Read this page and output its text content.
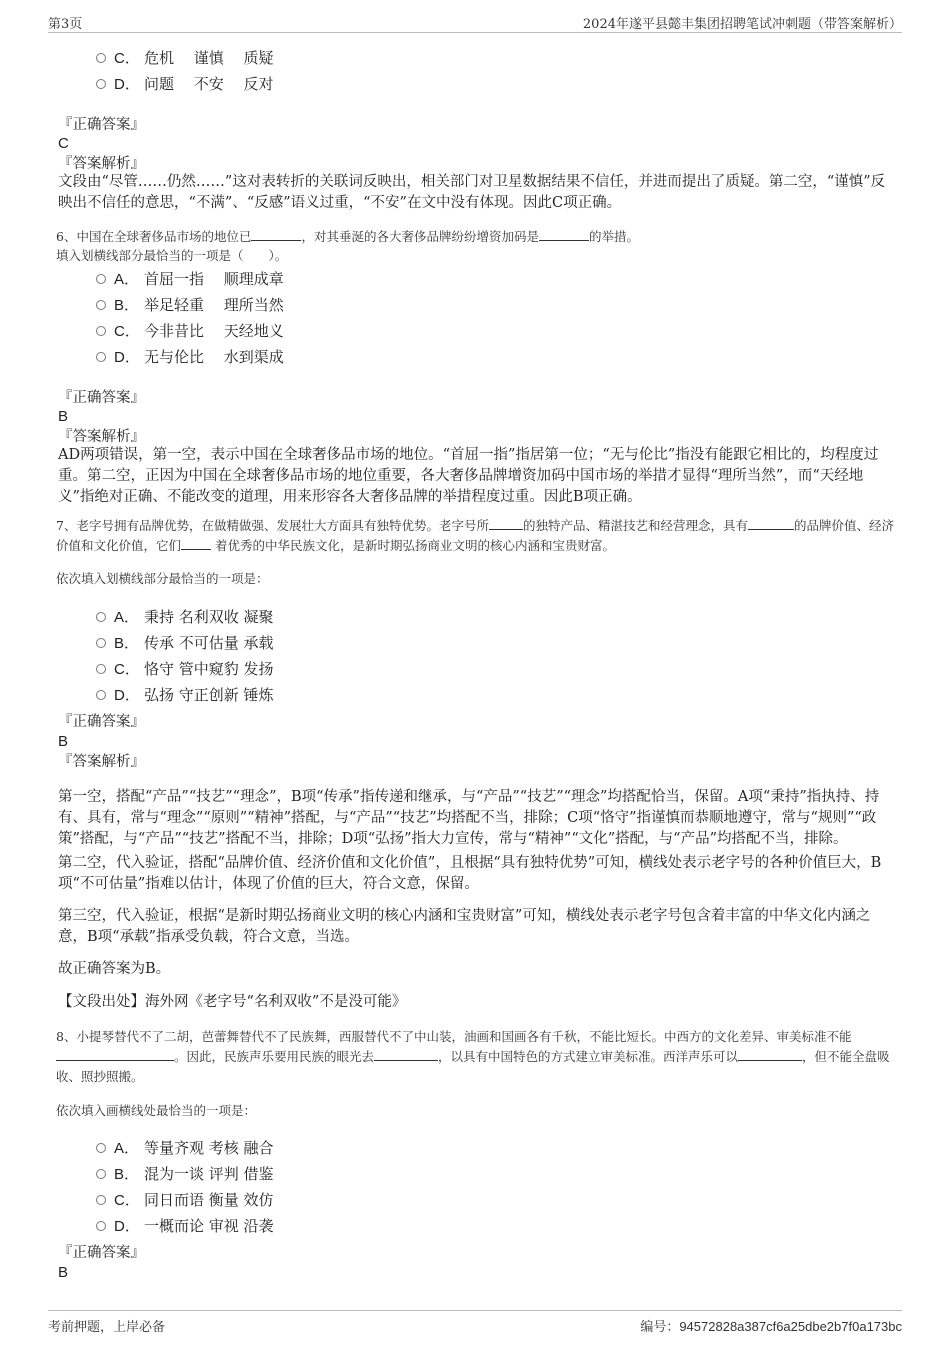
第3页	2024年遂平县懿丰集团招聘笔试冲刺题（带答案解析）
C． 危机　 谨慎　 质疑
D． 问题　 不安　 反对
『正确答案』
C
『答案解析』
文段由“尽管……仍然……”这对表转折的关联词反映出，相关部门对卫星数据结果不信任，并进而提出了质疑。第二空，“谨慎”反映出不信任的意思，“不满”、“反感”语义过重，“不安”在文中没有体现。因此C项正确。
6、中国在全球奢侈品市场的地位已	，对其垂涎的各大奢侈品牌纷纷增资加码是	的举措。
填入划横线部分最恰当的一项是（　　）。
A． 首屈一指　 顺理成章
B． 举足轻重　 理所当然
C． 今非昔比　 天经地义
D． 无与伦比　 水到渠成
『正确答案』
B
『答案解析』
AD两项错误，第一空，表示中国在全球奢侈品市场的地位。“首屈一指”指居第一位；“无与伦比”指没有能跟它相比的，均程度过重。第二空，正因为中国在全球奢侈品市场的地位重要，各大奢侈品牌增资加码中国市场的举措才显得“理所当然”，而“天经地义”指绝对正确、不能改变的道理，用来形容各大奢侈品牌的举措程度过重。因此B项正确。
7、老字号拥有品牌优势，在做精做强、发展壮大方面具有独特优势。老字号所	的独特产品、精湛技艺和经营理念，具有	的品牌价值、经济价值和文化价值，它们 着优秀的中华民族文化，是新时期弘扬商业文明的核心内涵和宝贵财富。
依次填入划横线部分最恰当的一项是：
A． 秉持 名利双收 凝聚
B． 传承 不可估量 承载
C． 恪守 管中窥豹 发扬
D． 弘扬 守正创新 锤炼
『正确答案』
B
『答案解析』
第一空，搭配“产品”“技艺”“理念”，B项“传承”指传递和继承，与“产品”“技艺”“理念”均搭配恰当，保留。A项“秉持”指执持、持有、具有，常与“理念”“原则”“精神”搭配，与“产品”“技艺”均搭配不当，排除；C项“恪守”指谨慎而恭顺地遵守，常与“规则”“政策”搭配，与“产品”“技艺”搭配不当，排除；D项“弘扬”指大力宣传，常与“精神”“文化”搭配，与“产品”均搭配不当，排除。
第二空，代入验证，搭配“品牌价值、经济价值和文化价值”，且根据“具有独特优势”可知，横线处表示老字号的各种价值巨大，B项“不可估量”指难以估计，体现了价值的巨大，符合文意，保留。
第三空，代入验证，根据“是新时期弘扬商业文明的核心内涵和宝贵财富”可知，横线处表示老字号包含着丰富的中华文化内涵之意，B项“承载”指承受负载，符合文意，当选。
故正确答案为B。
【文段出处】海外网《老字号“名利双收”不是没可能》
8、小提琴替代不了二胡，芭蕾舞替代不了民族舞，西服替代不了中山装，油画和国画各有千秋，不能比短长。中西方的文化差异、审美标准不能。因此，民族声乐要用民族的眼光去	，以具有中国特色的方式建立审美标准。西洋声乐可以	，但不能全盘吸收、照抄照搬。
依次填入画横线处最恰当的一项是：
A． 等量齐观 考核 融合
B． 混为一谈 评判 借鉴
C． 同日而语 衡量 效仿
D． 一概而论 审视 沿袭
『正确答案』
B
考前押题，上岸必备	编号：94572828a387cf6a25dbe2b7f0a173bc
